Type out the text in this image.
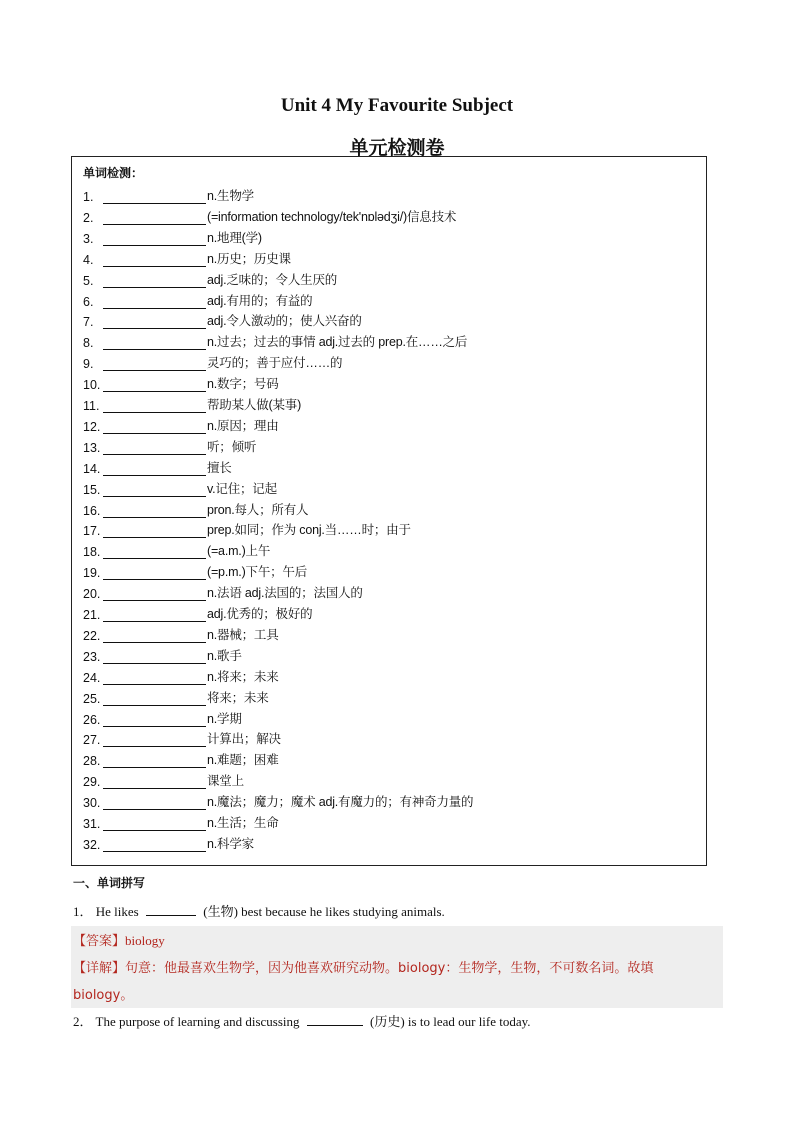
Unit 4 My Favourite Subject
单元检测卷
单词检测：
1.	n.生物学
2.	(=information technology/tek'nɒlədʒi/)信息技术
3.	n.地理(学)
4.	n.历史；历史课
5.	adj.乏味的；令人生厌的
6.	adj.有用的；有益的
7.	adj.令人激动的；使人兴奋的
8.	n.过去；过去的事情 adj.过去的 prep.在……之后
9.	灵巧的；善于应付……的
10.	n.数字；号码
11.	帮助某人做(某事)
12.	n.原因；理由
13.	听；倾听
14.	擅长
15.	v.记住；记起
16.	pron.每人；所有人
17.	prep.如同；作为 conj.当……时；由于
18.	(=a.m.)上午
19.	(=p.m.)下午；午后
20.	n.法语 adj.法国的；法国人的
21.	adj.优秀的；极好的
22.	n.器械；工具
23.	n.歌手
24.	n.将来；未来
25.	将来；未来
26.	n.学期
27.	计算出；解决
28.	n.难题；困难
29.	课堂上
30.	n.魔法；魔力；魔术 adj.有魔力的；有神奇力量的
31.	n.生活；生命
32.	n.科学家
一、单词拼写
1． He likes	(生物) best because he likes studying animals.
【答案】biology
【详解】句意：他最喜欢生物学，因为他喜欢研究动物。biology：生物学，生物，不可数名词。故填
biology。
2． The purpose of learning and discussing	(历史) is to lead our life today.
